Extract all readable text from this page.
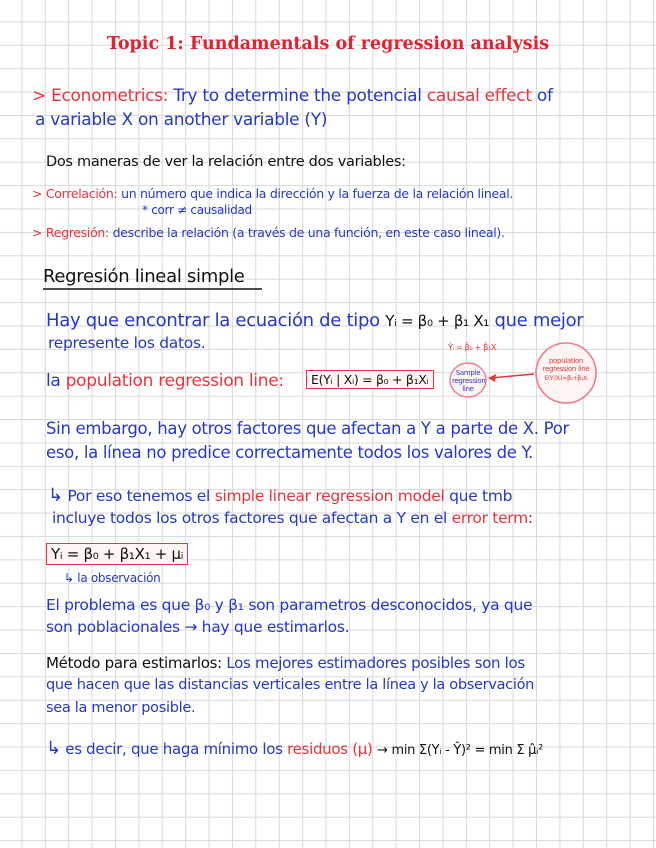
Topic 1: Fundamentals of regression analysis
> Econometrics: Try to determine the potencial causal effect of
a variable X on another variable (Y)
Dos maneras de ver la relación entre dos variables:
> Correlación: un número que indica la dirección y la fuerza de la relación lineal.
* corr ≠ causalidad
> Regresión: describe la relación (a través de una función, en este caso lineal).
Regresión lineal simple
Hay que encontrar la ecuación de tipo Yᵢ = β₀ + β₁ X₁ que mejor
represente los datos.
la population regression line:	E(Yᵢ | Xᵢ) = β₀ + β₁Xᵢ
Ŷᵢ = β̂₀ + β̂₁X
Sample
regression
line
population
regression line
E(Yᵢ|Xᵢ)=β₀+β₁Xᵢ
Sin embargo, hay otros factores que afectan a Y a parte de X. Por
eso, la línea no predice correctamente todos los valores de Y.
↳ Por eso tenemos el simple linear regression model que tmb
incluye todos los otros factores que afectan a Y en el error term:
Yᵢ = β₀ + β₁X₁ + μᵢ
↳ la observación
El problema es que β₀ y β₁ son parametros desconocidos, ya que
son poblacionales → hay que estimarlos.
Método para estimarlos: Los mejores estimadores posibles son los
que hacen que las distancias verticales entre la línea y la observación
sea la menor posible.
↳ es decir, que haga mínimo los residuos (μ) → min Σ(Yᵢ - Ŷ)² = min Σ μ̂ᵢ²
